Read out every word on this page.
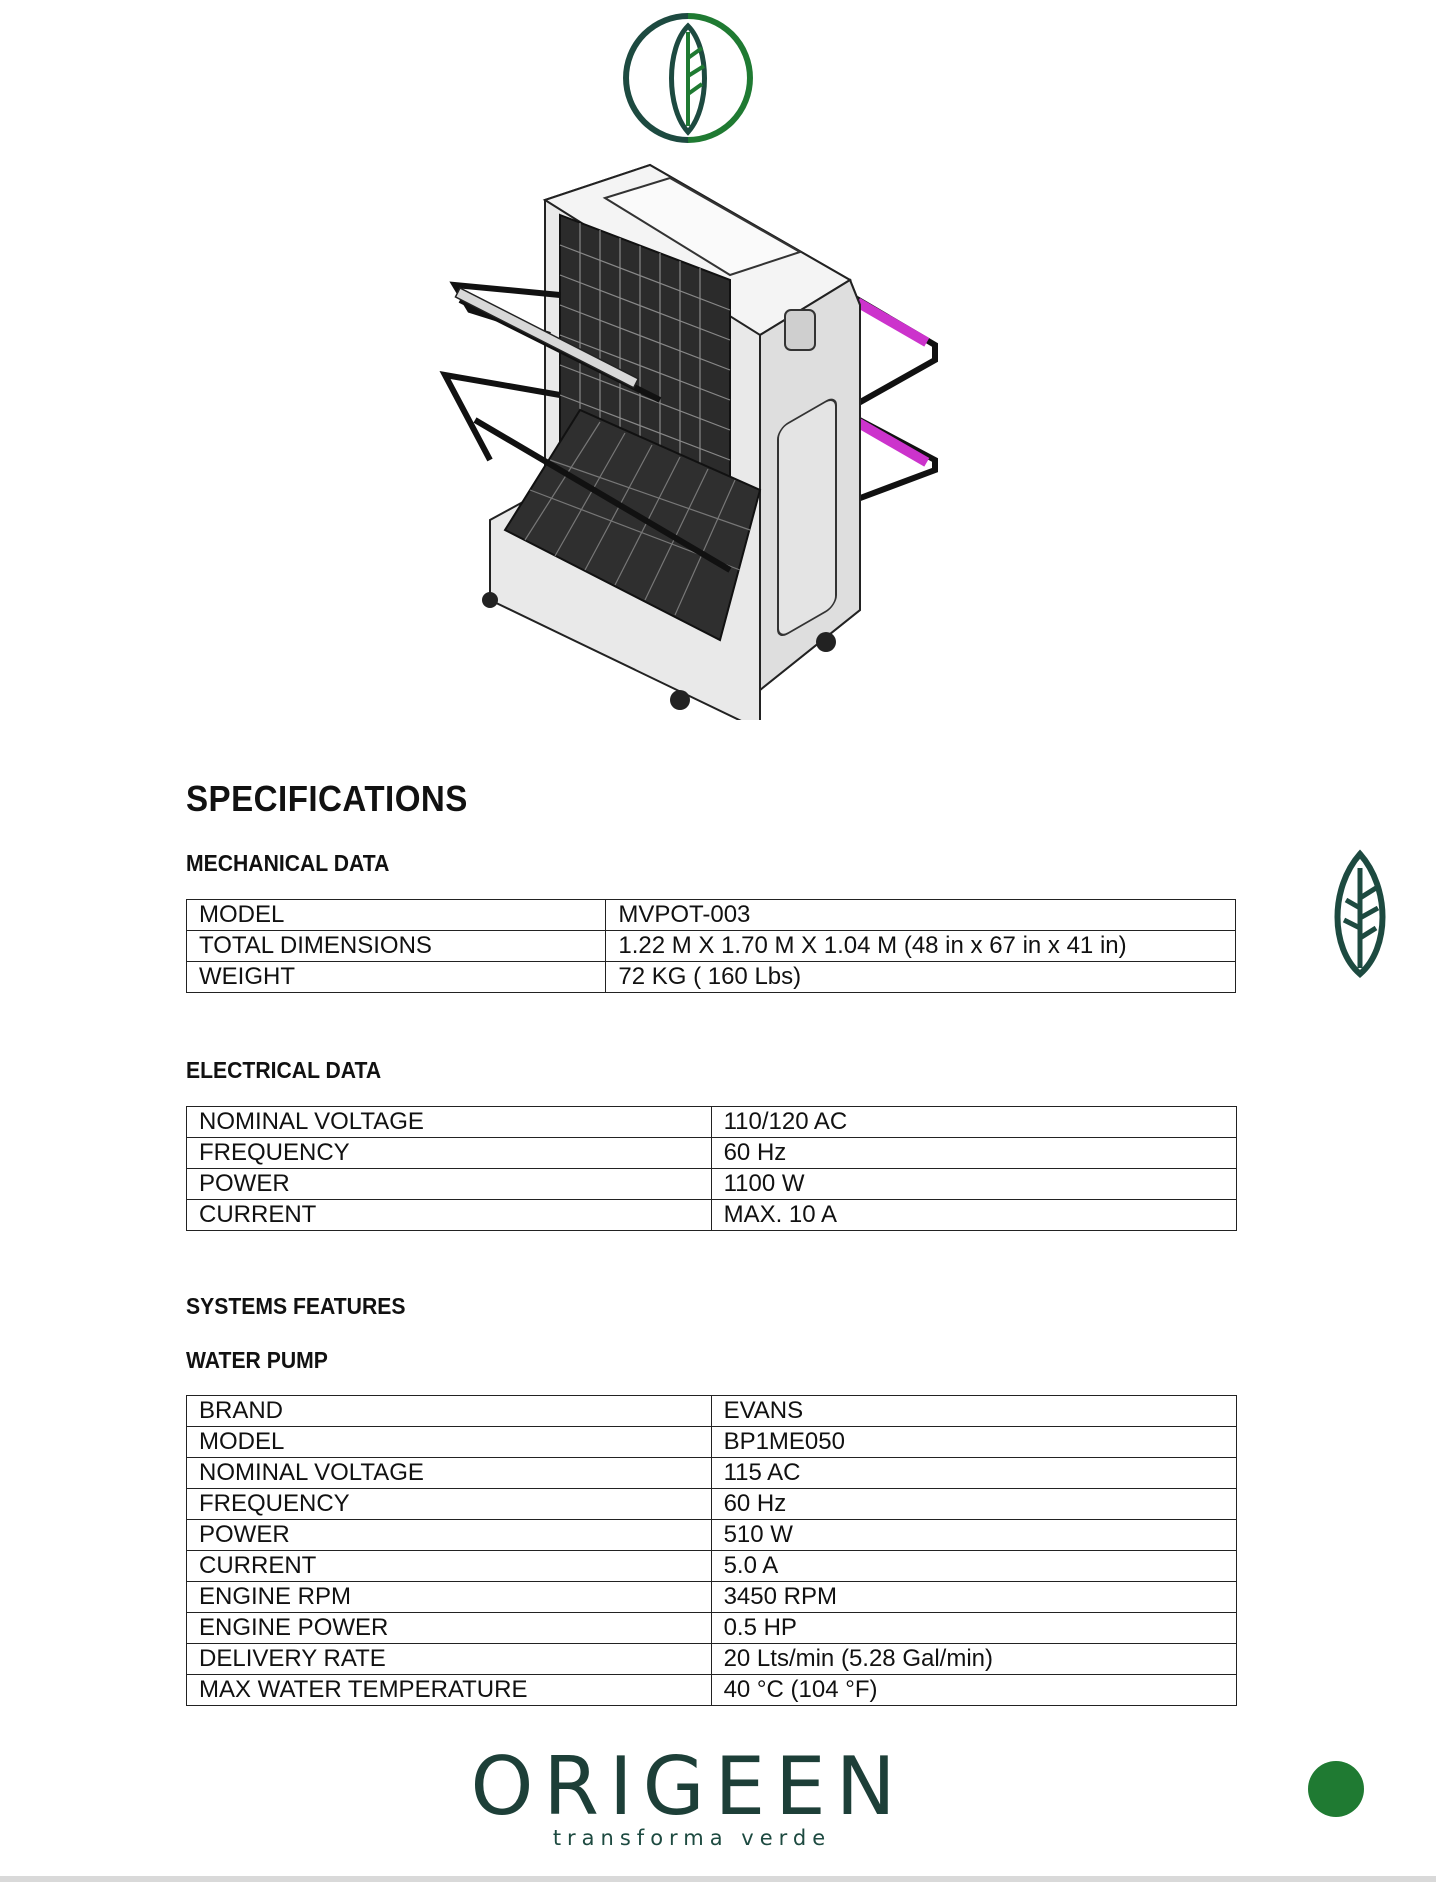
SPECIFICATIONS
MECHANICAL DATA
MODEL	MVPOT-003
TOTAL DIMENSIONS	1.22 M X 1.70 M X 1.04 M (48 in x 67 in x 41 in)
WEIGHT	72 KG ( 160 Lbs)
ELECTRICAL DATA
NOMINAL VOLTAGE	110/120 AC
FREQUENCY	60 Hz
POWER	1100 W
CURRENT	MAX. 10 A
SYSTEMS FEATURES
WATER PUMP
BRAND	EVANS
MODEL	BP1ME050
NOMINAL VOLTAGE	115 AC
FREQUENCY	60 Hz
POWER	510 W
CURRENT	5.0 A
ENGINE RPM	3450 RPM
ENGINE POWER	0.5 HP
DELIVERY RATE	20 Lts/min (5.28 Gal/min)
MAX WATER TEMPERATURE	40 °C (104 °F)
ORIGEEN
transforma verde
